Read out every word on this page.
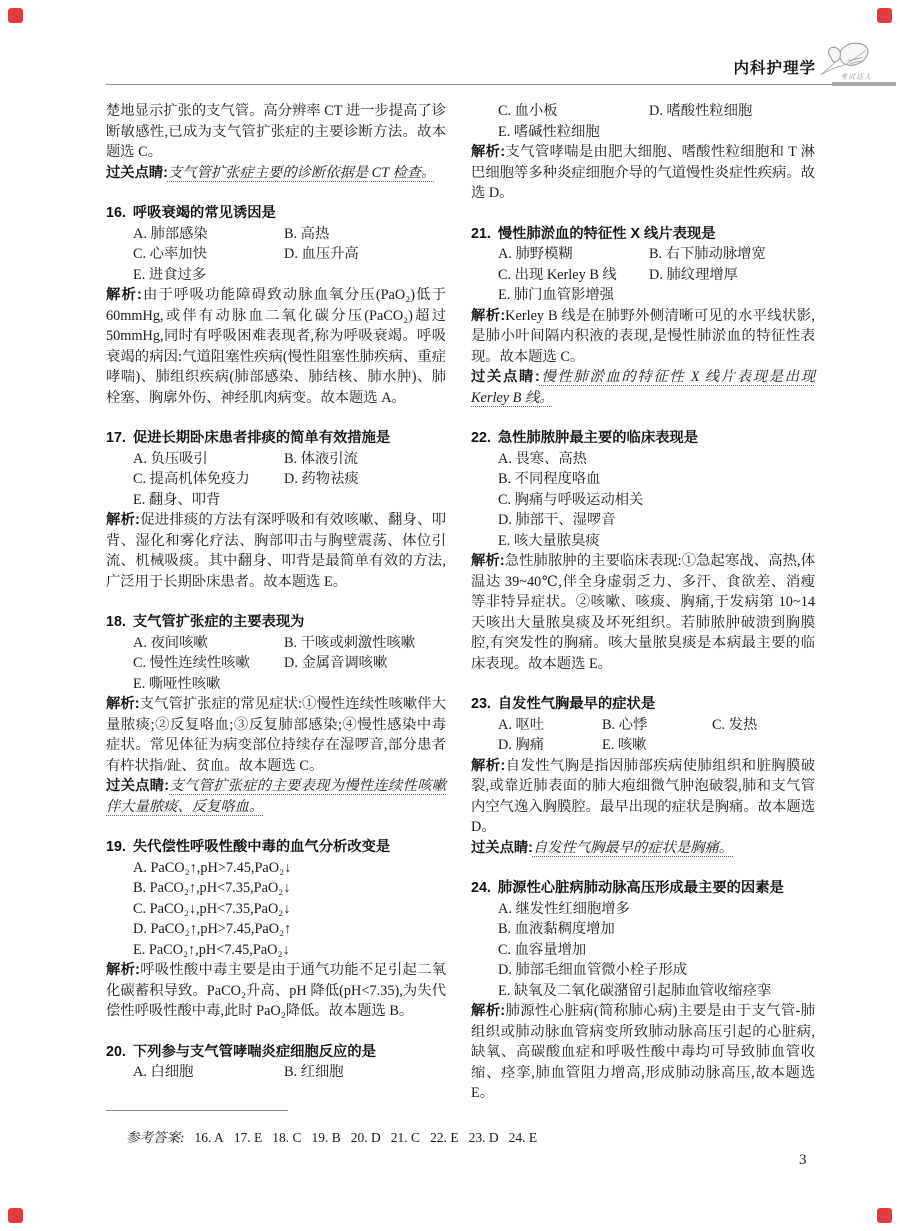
内科护理学	考试达人

楚地显示扩张的支气管。高分辨率 CT 进一步提高了诊断敏感性,已成为支气管扩张症的主要诊断方法。故本题选 C。

过关点睛:支气管扩张症主要的诊断依据是 CT 检查。

16. 呼吸衰竭的常见诱因是
A. 肺部感染	B. 高热
C. 心率加快	D. 血压升高
E. 进食过多

解析:由于呼吸功能障碍致动脉血氧分压(PaO₂)低于 60mmHg,或伴有动脉血二氧化碳分压(PaCO₂)超过 50mmHg,同时有呼吸困难表现者,称为呼吸衰竭。呼吸衰竭的病因:气道阻塞性疾病(慢性阻塞性肺疾病、重症哮喘)、肺组织疾病(肺部感染、肺结核、肺水肿)、肺栓塞、胸廓外伤、神经肌肉病变。故本题选 A。

17. 促进长期卧床患者排痰的简单有效措施是
A. 负压吸引	B. 体液引流
C. 提高机体免疫力 D. 药物祛痰
E. 翻身、叩背

解析:促进排痰的方法有深呼吸和有效咳嗽、翻身、叩背、湿化和雾化疗法、胸部叩击与胸壁震荡、体位引流、机械吸痰。其中翻身、叩背是最简单有效的方法,广泛用于长期卧床患者。故本题选 E。

18. 支气管扩张症的主要表现为
A. 夜间咳嗽	B. 干咳或刺激性咳嗽
C. 慢性连续性咳嗽 D. 金属音调咳嗽
E. 嘶哑性咳嗽

解析:支气管扩张症的常见症状:①慢性连续性咳嗽伴大量脓痰;②反复咯血;③反复肺部感染;④慢性感染中毒症状。常见体征为病变部位持续存在湿啰音,部分患者有杵状指/趾、贫血。故本题选 C。

过关点睛:支气管扩张症的主要表现为慢性连续性咳嗽伴大量脓痰、反复咯血。

19. 失代偿性呼吸性酸中毒的血气分析改变是
A. PaCO₂↑,pH>7.45,PaO₂↓
B. PaCO₂↑,pH<7.35,PaO₂↓
C. PaCO₂↓,pH<7.35,PaO₂↓
D. PaCO₂↑,pH>7.45,PaO₂↑
E. PaCO₂↑,pH<7.45,PaO₂↓

解析:呼吸性酸中毒主要是由于通气功能不足引起二氧化碳蓄积导致。PaCO₂升高、pH 降低(pH<7.35),为失代偿性呼吸性酸中毒,此时 PaO₂降低。故本题选 B。

20. 下列参与支气管哮喘炎症细胞反应的是
A. 白细胞	B. 红细胞
C. 血小板	D. 嗜酸性粒细胞
E. 嗜碱性粒细胞

解析:支气管哮喘是由肥大细胞、嗜酸性粒细胞和 T 淋巴细胞等多种炎症细胞介导的气道慢性炎症性疾病。故选 D。

21. 慢性肺淤血的特征性 X 线片表现是
A. 肺野模糊	B. 右下肺动脉增宽
C. 出现 Kerley B 线 D. 肺纹理增厚
E. 肺门血管影增强

解析:Kerley B 线是在肺野外侧清晰可见的水平线状影,是肺小叶间隔内积液的表现,是慢性肺淤血的特征性表现。故本题选 C。

过关点睛:慢性肺淤血的特征性 X 线片表现是出现 Kerley B 线。

22. 急性肺脓肿最主要的临床表现是
A. 畏寒、高热
B. 不同程度咯血
C. 胸痛与呼吸运动相关
D. 肺部干、湿啰音
E. 咳大量脓臭痰

解析:急性肺脓肿的主要临床表现:①急起寒战、高热,体温达 39~40℃,伴全身虚弱乏力、多汗、食欲差、消瘦等非特异症状。②咳嗽、咳痰、胸痛,于发病第 10~14 天咳出大量脓臭痰及坏死组织。若肺脓肿破溃到胸膜腔,有突发性的胸痛。咳大量脓臭痰是本病最主要的临床表现。故本题选 E。

23. 自发性气胸最早的症状是
A. 呕吐	B. 心悸	C. 发热
D. 胸痛	E. 咳嗽

解析:自发性气胸是指因肺部疾病使肺组织和脏胸膜破裂,或靠近肺表面的肺大疱细微气肿泡破裂,肺和支气管内空气逸入胸膜腔。最早出现的症状是胸痛。故本题选 D。

过关点睛:自发性气胸最早的症状是胸痛。

24. 肺源性心脏病肺动脉高压形成最主要的因素是
A. 继发性红细胞增多
B. 血液黏稠度增加
C. 血容量增加
D. 肺部毛细血管微小栓子形成
E. 缺氧及二氧化碳潴留引起肺血管收缩痉挛

解析:肺源性心脏病(简称肺心病)主要是由于支气管-肺组织或肺动脉血管病变所致肺动脉高压引起的心脏病,缺氧、高碳酸血症和呼吸性酸中毒均可导致肺血管收缩、痉挛,肺血管阻力增高,形成肺动脉高压,故本题选 E。

参考答案: 16. A 17. E 18. C 19. B 20. D 21. C 22. E 23. D 24. E
3
